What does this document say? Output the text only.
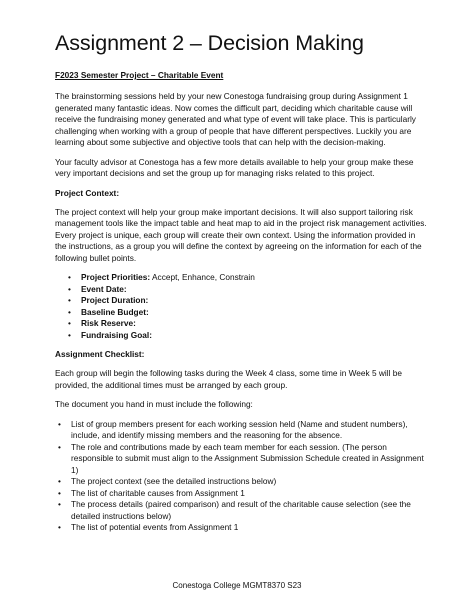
Assignment 2 – Decision Making
F2023 Semester Project – Charitable Event

The brainstorming sessions held by your new Conestoga fundraising group during Assignment 1 generated many fantastic ideas. Now comes the difficult part, deciding which charitable cause will receive the fundraising money generated and what type of event will take place. This is particularly challenging when working with a group of people that have different perspectives. Luckily you are learning about some subjective and objective tools that can help with the decision-making.

Your faculty advisor at Conestoga has a few more details available to help your group make these very important decisions and set the group up for managing risks related to this project.

Project Context:

The project context will help your group make important decisions. It will also support tailoring risk management tools like the impact table and heat map to aid in the project risk management activities. Every project is unique, each group will create their own context. Using the information provided in the instructions, as a group you will define the context by agreeing on the information for each of the following bullet points.

• Project Priorities: Accept, Enhance, Constrain
• Event Date:
• Project Duration:
• Baseline Budget:
• Risk Reserve:
• Fundraising Goal:
Assignment Checklist:

Each group will begin the following tasks during the Week 4 class, some time in Week 5 will be provided, the additional times must be arranged by each group.

The document you hand in must include the following:

• List of group members present for each working session held (Name and student numbers), include, and identify missing members and the reasoning for the absence.
• The role and contributions made by each team member for each session. (The person responsible to submit must align to the Assignment Submission Schedule created in Assignment 1)
• The project context (see the detailed instructions below)
• The list of charitable causes from Assignment 1
• The process details (paired comparison) and result of the charitable cause selection (see the detailed instructions below)
• The list of potential events from Assignment 1
Conestoga College MGMT8370 S23
